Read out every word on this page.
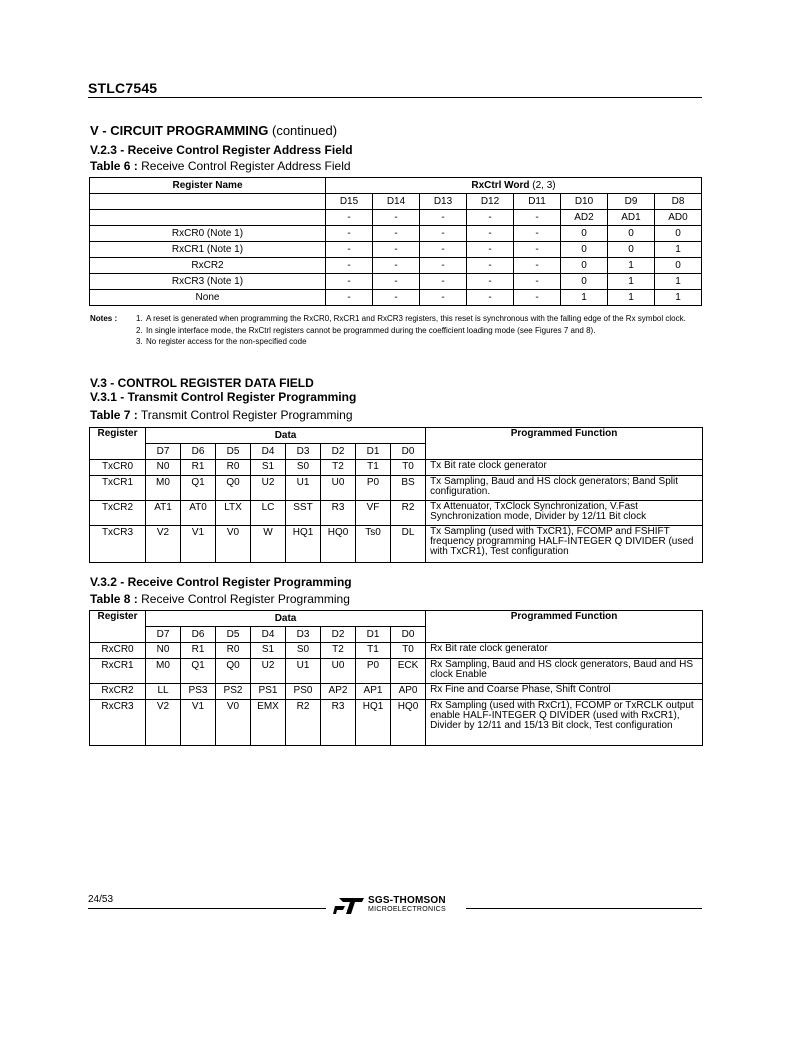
STLC7545
V - CIRCUIT PROGRAMMING (continued)
V.2.3 - Receive Control Register Address Field
Table 6 : Receive Control Register Address Field
Register Name	RxCtrl Word (2, 3)							
	D15	D14	D13	D12	D11	D10	D9	D8
	-	-	-	-	-	AD2	AD1	AD0
RxCR0 (Note 1)	-	-	-	-	-	0	0	0
RxCR1 (Note 1)	-	-	-	-	-	0	0	1
RxCR2	-	-	-	-	-	0	1	0
RxCR3 (Note 1)	-	-	-	-	-	0	1	1
None	-	-	-	-	-	1	1	1
Notes :	1. A reset is generated when programming the RxCR0, RxCR1 and RxCR3 registers, this reset is synchronous with the falling edge of the Rx symbol clock.
2. In single interface mode, the RxCtrl registers cannot be programmed during the coefficient loading mode (see Figures 7 and 8).
3. No register access for the non-specified code
V.3 - CONTROL REGISTER DATA FIELD
V.3.1 - Transmit Control Register Programming
Table 7 : Transmit Control Register Programming
Register	Data								Programmed Function
	D7	D6	D5	D4	D3	D2	D1	D0	
TxCR0	N0	R1	R0	S1	S0	T2	T1	T0	Tx Bit rate clock generator
TxCR1	M0	Q1	Q0	U2	U1	U0	P0	BS	Tx Sampling, Baud and HS clock generators; Band Split configuration.
TxCR2	AT1	AT0	LTX	LC	SST	R3	VF	R2	Tx Attenuator, TxClock Synchronization, V.Fast Synchronization mode, Divider by 12/11 Bit clock
TxCR3	V2	V1	V0	W	HQ1	HQ0	Ts0	DL	Tx Sampling (used with TxCR1), FCOMP and FSHIFT frequency programming HALF-INTEGER Q DIVIDER (used with TxCR1), Test configuration
V.3.2 - Receive Control Register Programming
Table 8 : Receive Control Register Programming
Register	Data								Programmed Function
	D7	D6	D5	D4	D3	D2	D1	D0	
RxCR0	N0	R1	R0	S1	S0	T2	T1	T0	Rx Bit rate clock generator
RxCR1	M0	Q1	Q0	U2	U1	U0	P0	ECK	Rx Sampling, Baud and HS clock generators, Baud and HS clock Enable
RxCR2	LL	PS3	PS2	PS1	PS0	AP2	AP1	AP0	Rx Fine and Coarse Phase, Shift Control
RxCR3	V2	V1	V0	EMX	R2	R3	HQ1	HQ0	Rx Sampling (used with RxCr1), FCOMP or TxRCLK output enable HALF-INTEGER Q DIVIDER (used with RxCR1), Divider by 12/11 and 15/13 Bit clock, Test configuration
24/53	SGS-THOMSON
MICROELECTRONICS
